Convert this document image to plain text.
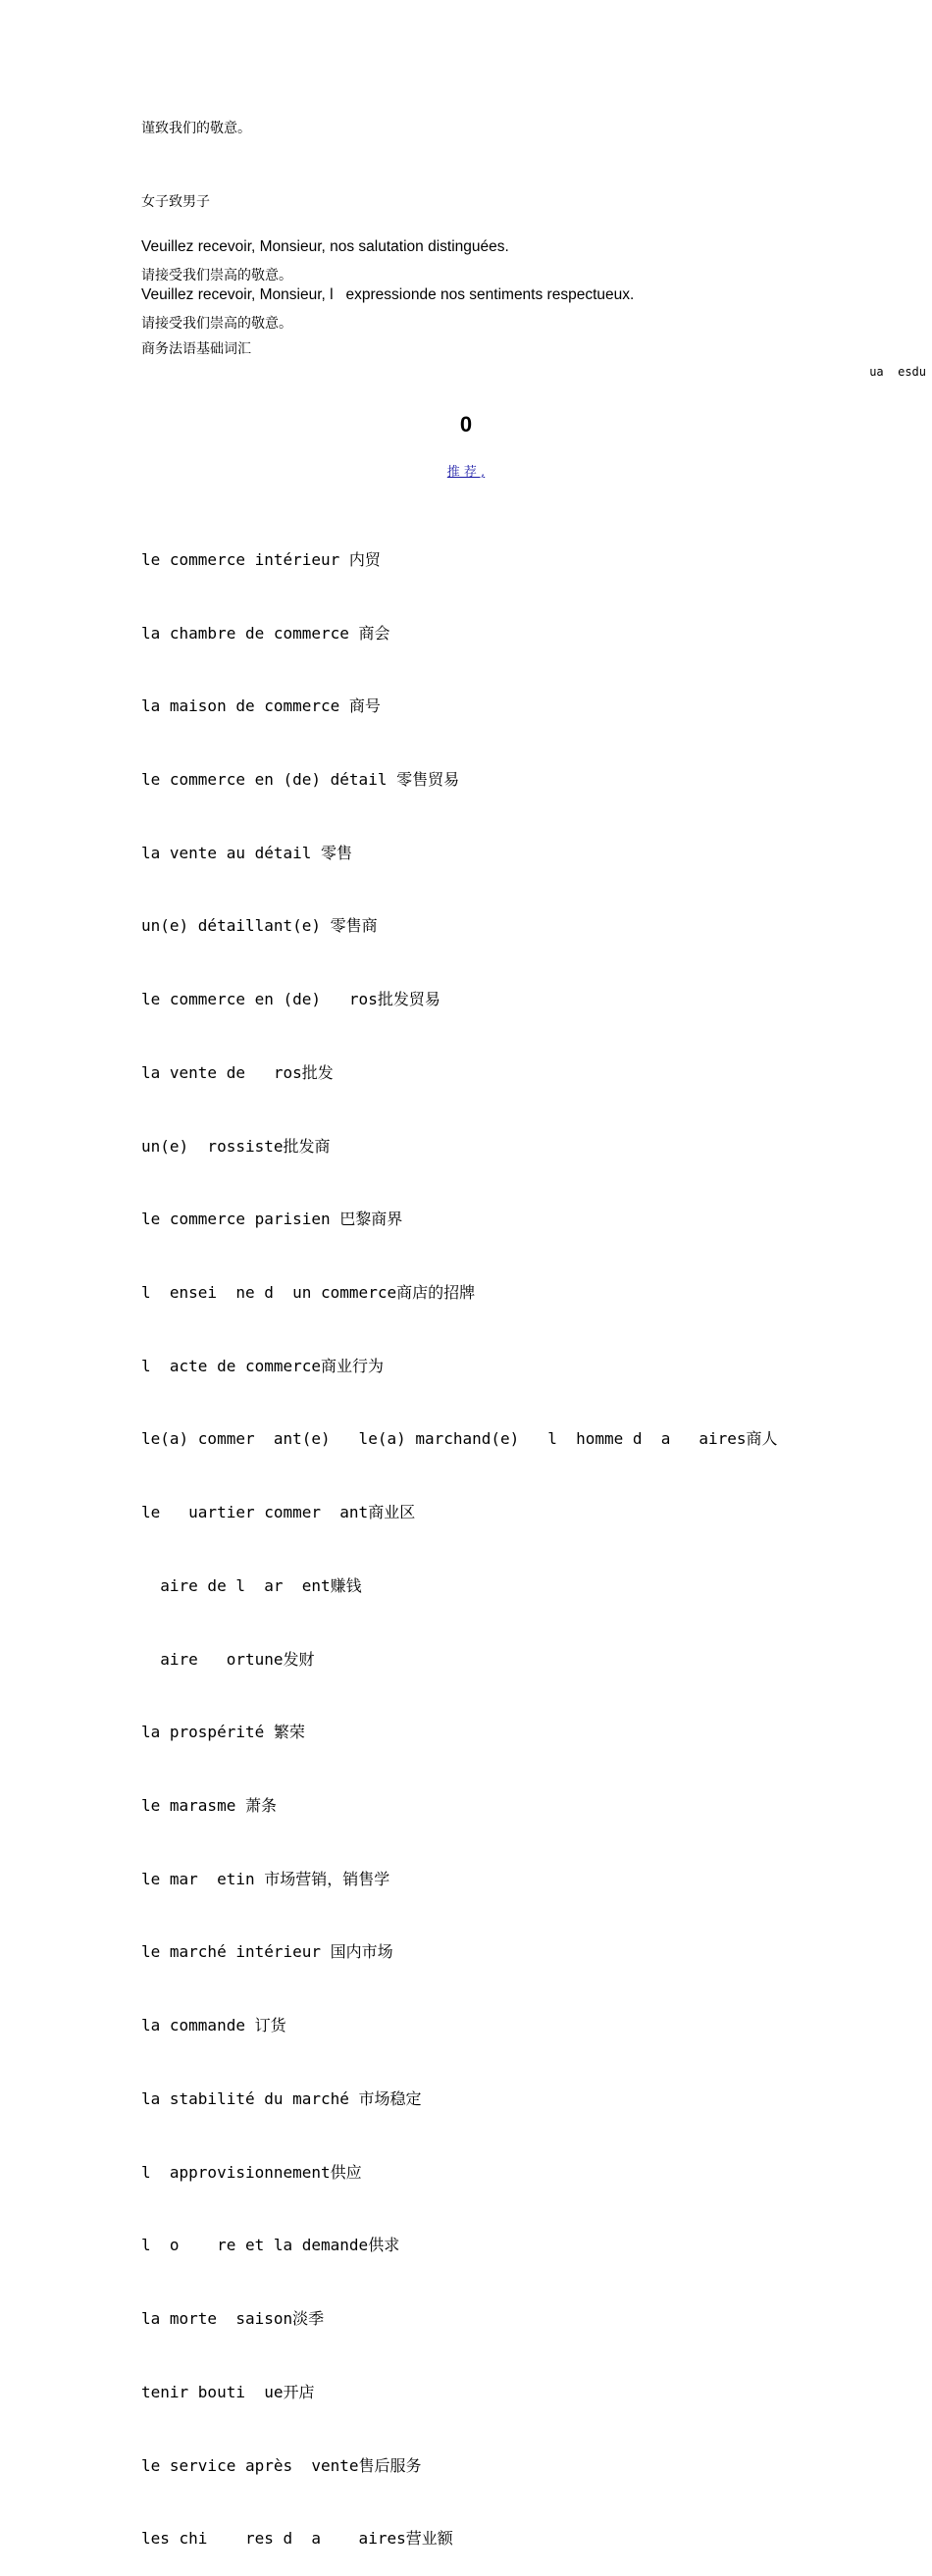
谨致我们的敬意。
女子致男子
Veuillez recevoir, Monsieur, nos salutation distinguées.
请接受我们崇高的敬意。
Veuillez recevoir, Monsieur, l   expressionde nos sentiments respectueux.
请接受我们崇高的敬意。
商务法语基础词汇
ua  esdu
0
推 荐 ,

le commerce intérieur 内贸

la chambre de commerce 商会

la maison de commerce 商号

le commerce en (de) détail 零售贸易

la vente au détail 零售

un(e) détaillant(e) 零售商

le commerce en (de)   ros批发贸易

la vente de   ros批发

un(e)  rossiste批发商

le commerce parisien 巴黎商界

l  ensei  ne d  un commerce商店的招牌

l  acte de commerce商业行为

le(a) commer  ant(e)   le(a) marchand(e)   l  homme d  a   aires商人

le   uartier commer  ant商业区

aire de l  ar  ent赚钱

aire   ortune发财

la prospérité 繁荣

le marasme 萧条

le mar  etin 市场营销，销售学

le marché intérieur 国内市场

la commande 订货

la stabilité du marché 市场稳定

l  approvisionnement供应

l  o    re et la demande供求

la morte  saison淡季

tenir bouti  ue开店

le service après  vente售后服务

les chi    res d  a    aires营业额
